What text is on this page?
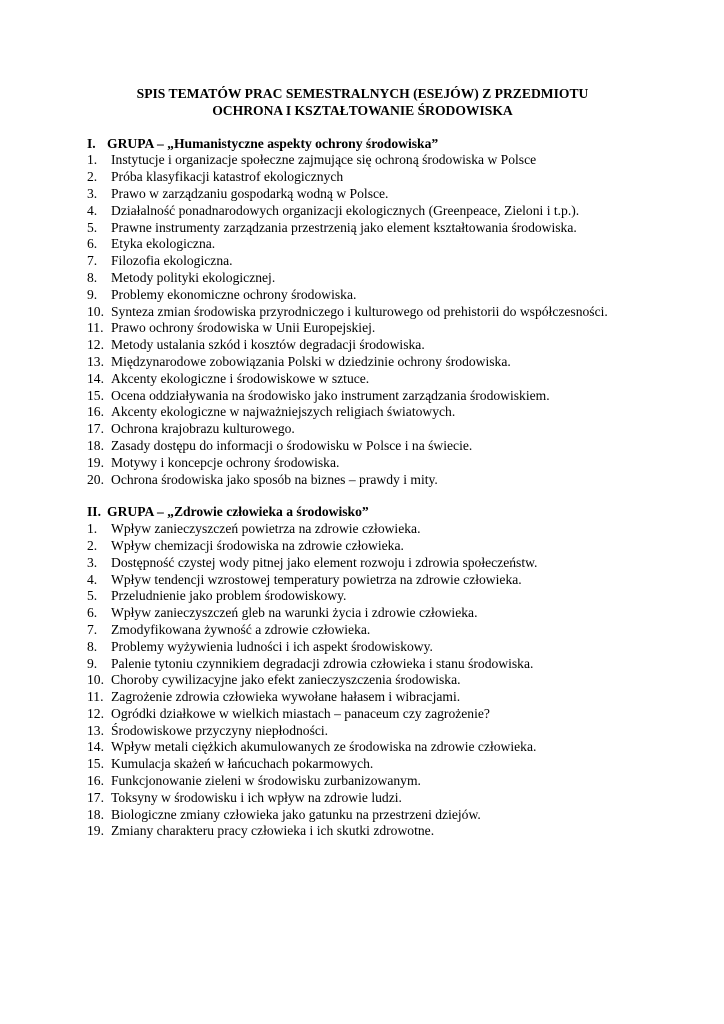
SPIS TEMATÓW PRAC SEMESTRALNYCH (ESEJÓW) Z PRZEDMIOTU
OCHRONA I KSZTAŁTOWANIE ŚRODOWISKA

I. GRUPA – „Humanistyczne aspekty ochrony środowiska”
1.	Instytucje i organizacje społeczne zajmujące się ochroną środowiska w Polsce
2.	Próba klasyfikacji katastrof ekologicznych
3.	Prawo w zarządzaniu gospodarką wodną w Polsce.
4.	Działalność ponadnarodowych organizacji ekologicznych (Greenpeace, Zieloni i t.p.).
5.	Prawne instrumenty zarządzania przestrzenią jako element kształtowania środowiska.
6.	Etyka ekologiczna.
7.	Filozofia ekologiczna.
8.	Metody polityki ekologicznej.
9.	Problemy ekonomiczne ochrony środowiska.
10. Synteza zmian środowiska przyrodniczego i kulturowego od prehistorii do współczesności.
11. Prawo ochrony środowiska w Unii Europejskiej.
12. Metody ustalania szkód i kosztów degradacji środowiska.
13. Międzynarodowe zobowiązania Polski w dziedzinie ochrony środowiska.
14. Akcenty ekologiczne i środowiskowe w sztuce.
15. Ocena oddziaływania na środowisko jako instrument zarządzania środowiskiem.
16. Akcenty ekologiczne w najważniejszych religiach światowych.
17. Ochrona krajobrazu kulturowego.
18. Zasady dostępu do informacji o środowisku w Polsce i na świecie.
19. Motywy i koncepcje ochrony środowiska.
20. Ochrona środowiska jako sposób na biznes – prawdy i mity.
II. GRUPA – „Zdrowie człowieka a środowisko”
1.	Wpływ zanieczyszczeń powietrza na zdrowie człowieka.
2.	Wpływ chemizacji środowiska na zdrowie człowieka.
3.	Dostępność czystej wody pitnej jako element rozwoju i zdrowia społeczeństw.
4.	Wpływ tendencji wzrostowej temperatury powietrza na zdrowie człowieka.
5.	Przeludnienie jako problem środowiskowy.
6.	Wpływ zanieczyszczeń gleb na warunki życia i zdrowie człowieka.
7.	Zmodyfikowana żywność a zdrowie człowieka.
8.	Problemy wyżywienia ludności i ich aspekt środowiskowy.
9.	Palenie tytoniu czynnikiem degradacji zdrowia człowieka i stanu środowiska.
10. Choroby cywilizacyjne jako efekt zanieczyszczenia środowiska.
11. Zagrożenie zdrowia człowieka wywołane hałasem i wibracjami.
12. Ogródki działkowe w wielkich miastach – panaceum czy zagrożenie?
13. Środowiskowe przyczyny niepłodności.
14. Wpływ metali ciężkich akumulowanych ze środowiska na zdrowie człowieka.
15. Kumulacja skażeń w łańcuchach pokarmowych.
16. Funkcjonowanie zieleni w środowisku zurbanizowanym.
17. Toksyny w środowisku i ich wpływ na zdrowie ludzi.
18. Biologiczne zmiany człowieka jako gatunku na przestrzeni dziejów.
19. Zmiany charakteru pracy człowieka i ich skutki zdrowotne.
